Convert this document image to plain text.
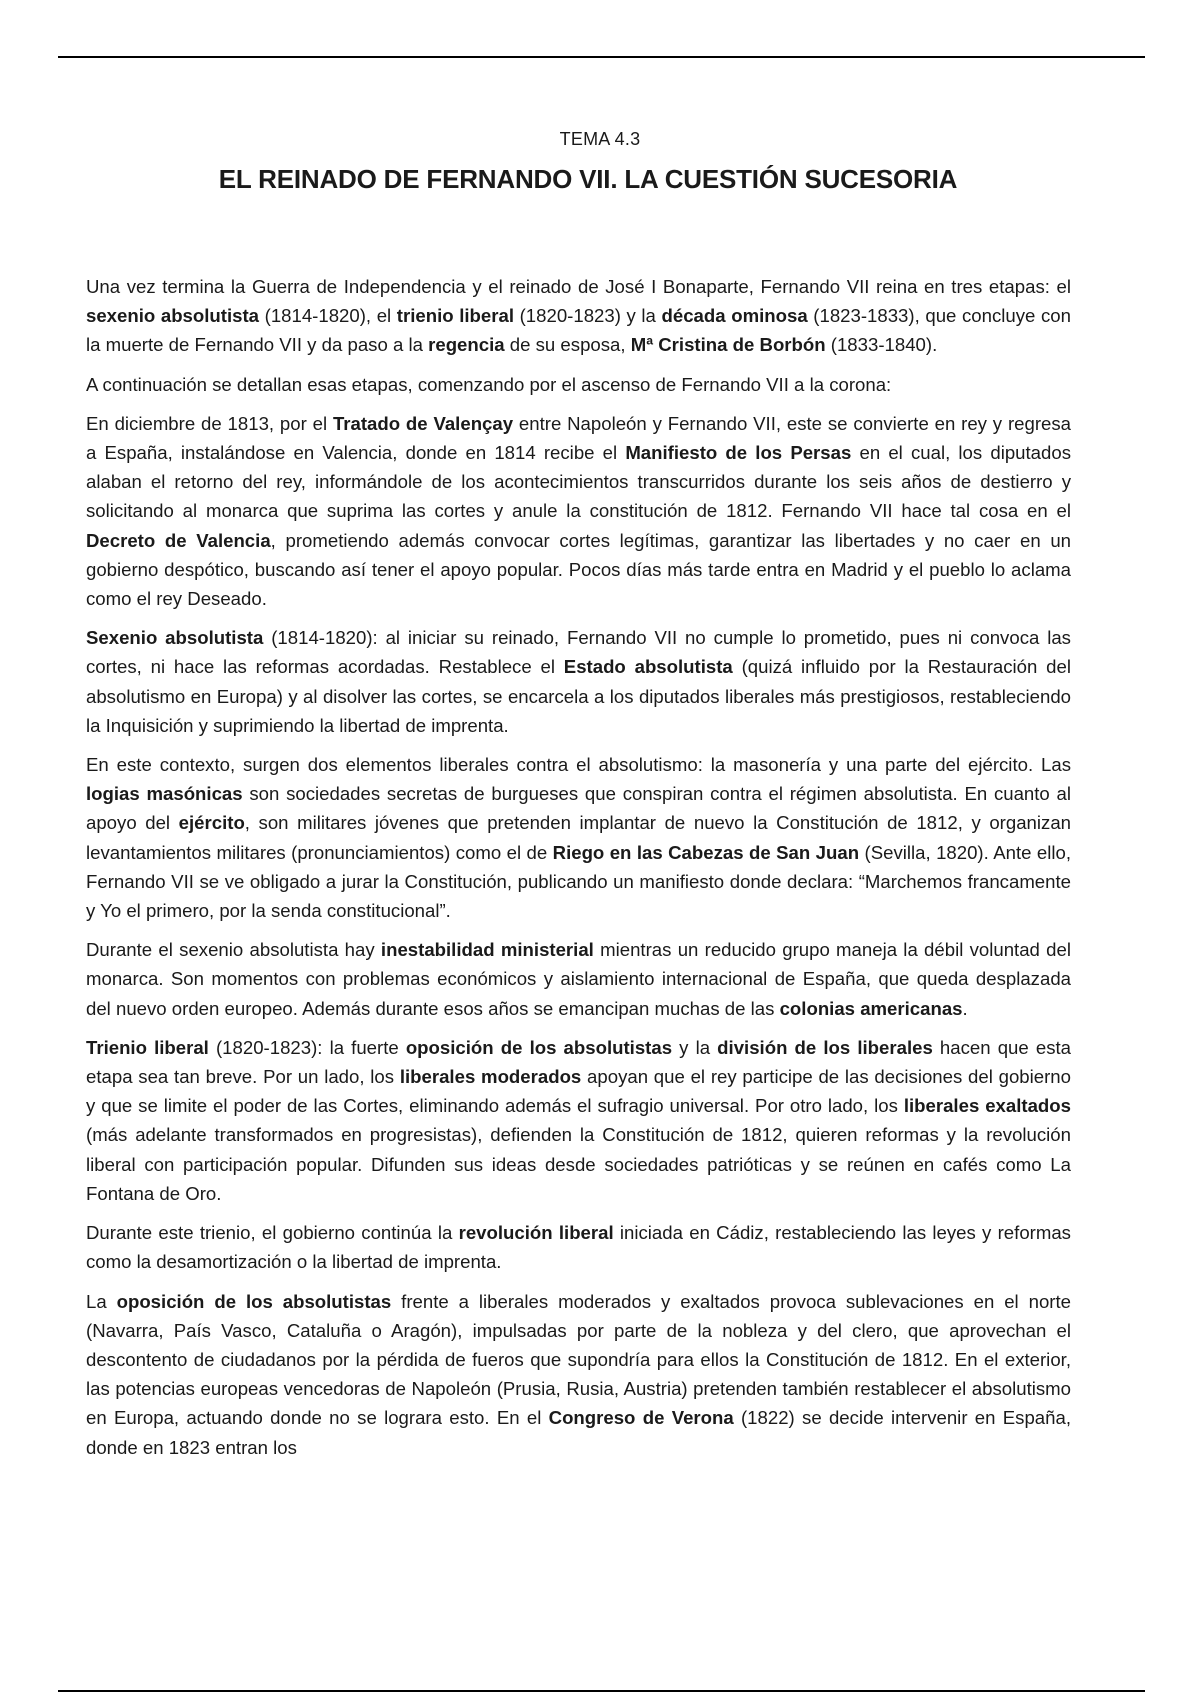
TEMA 4.3

EL REINADO DE FERNANDO VII. LA CUESTIÓN SUCESORIA

Una vez termina la Guerra de Independencia y el reinado de José I Bonaparte, Fernando VII reina en tres etapas: el sexenio absolutista (1814-1820), el trienio liberal (1820-1823) y la década ominosa (1823-1833), que concluye con la muerte de Fernando VII y da paso a la regencia de su esposa, Mª Cristina de Borbón (1833-1840).

A continuación se detallan esas etapas, comenzando por el ascenso de Fernando VII a la corona:

En diciembre de 1813, por el Tratado de Valençay entre Napoleón y Fernando VII, este se convierte en rey y regresa a España, instalándose en Valencia, donde en 1814 recibe el Manifiesto de los Persas en el cual, los diputados alaban el retorno del rey, informándole de los acontecimientos transcurridos durante los seis años de destierro y solicitando al monarca que suprima las cortes y anule la constitución de 1812. Fernando VII hace tal cosa en el Decreto de Valencia, prometiendo además convocar cortes legítimas, garantizar las libertades y no caer en un gobierno despótico, buscando así tener el apoyo popular. Pocos días más tarde entra en Madrid y el pueblo lo aclama como el rey Deseado.

Sexenio absolutista (1814-1820): al iniciar su reinado, Fernando VII no cumple lo prometido, pues ni convoca las cortes, ni hace las reformas acordadas. Restablece el Estado absolutista (quizá influido por la Restauración del absolutismo en Europa) y al disolver las cortes, se encarcela a los diputados liberales más prestigiosos, restableciendo la Inquisición y suprimiendo la libertad de imprenta.

En este contexto, surgen dos elementos liberales contra el absolutismo: la masonería y una parte del ejército. Las logias masónicas son sociedades secretas de burgueses que conspiran contra el régimen absolutista. En cuanto al apoyo del ejército, son militares jóvenes que pretenden implantar de nuevo la Constitución de 1812, y organizan levantamientos militares (pronunciamientos) como el de Riego en las Cabezas de San Juan (Sevilla, 1820). Ante ello, Fernando VII se ve obligado a jurar la Constitución, publicando un manifiesto donde declara: “Marchemos francamente y Yo el primero, por la senda constitucional”.

Durante el sexenio absolutista hay inestabilidad ministerial mientras un reducido grupo maneja la débil voluntad del monarca. Son momentos con problemas económicos y aislamiento internacional de España, que queda desplazada del nuevo orden europeo. Además durante esos años se emancipan muchas de las colonias americanas.

Trienio liberal (1820-1823): la fuerte oposición de los absolutistas y la división de los liberales hacen que esta etapa sea tan breve. Por un lado, los liberales moderados apoyan que el rey participe de las decisiones del gobierno y que se limite el poder de las Cortes, eliminando además el sufragio universal. Por otro lado, los liberales exaltados (más adelante transformados en progresistas), defienden la Constitución de 1812, quieren reformas y la revolución liberal con participación popular. Difunden sus ideas desde sociedades patrióticas y se reúnen en cafés como La Fontana de Oro.

Durante este trienio, el gobierno continúa la revolución liberal iniciada en Cádiz, restableciendo las leyes y reformas como la desamortización o la libertad de imprenta.

La oposición de los absolutistas frente a liberales moderados y exaltados provoca sublevaciones en el norte (Navarra, País Vasco, Cataluña o Aragón), impulsadas por parte de la nobleza y del clero, que aprovechan el descontento de ciudadanos por la pérdida de fueros que supondría para ellos la Constitución de 1812. En el exterior, las potencias europeas vencedoras de Napoleón (Prusia, Rusia, Austria) pretenden también restablecer el absolutismo en Europa, actuando donde no se lograra esto. En el Congreso de Verona (1822) se decide intervenir en España, donde en 1823 entran los
